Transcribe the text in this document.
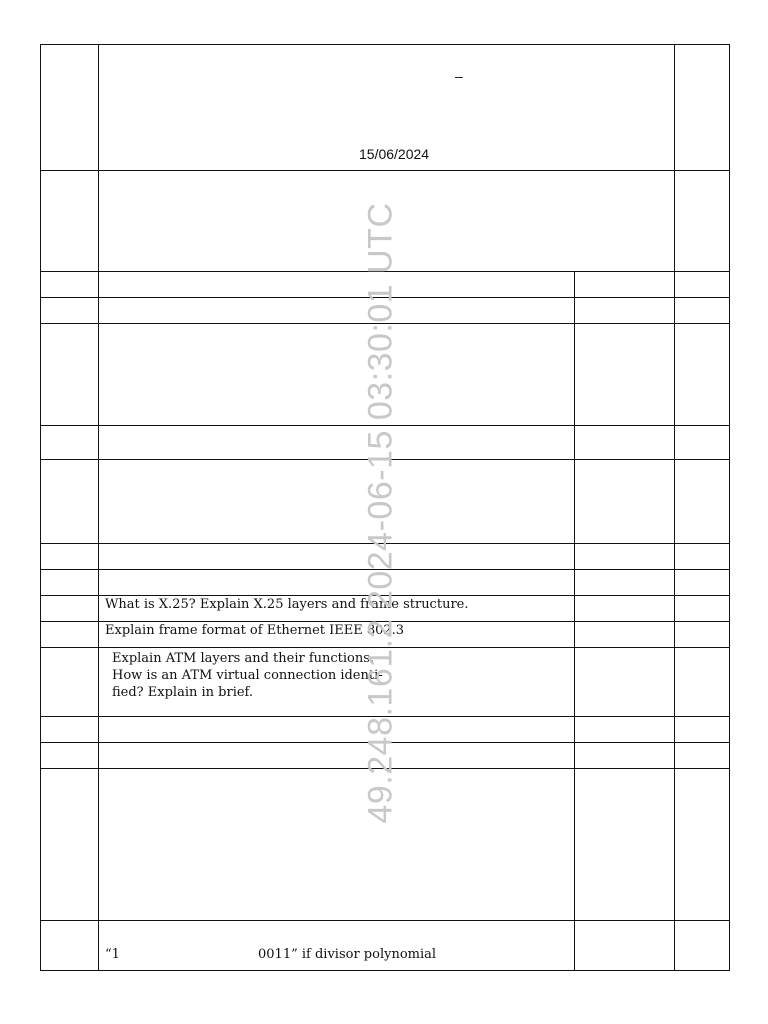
–
15/06/2024
What is X.25? Explain X.25 layers and frame structure.
Explain frame format of Ethernet IEEE 802.3
Explain ATM layers and their functions.
How is an ATM virtual connection identi-
fied? Explain in brief.
“1	0011” if divisor polynomial
49.248.161.2 2024-06-15 03:30:01 UTC
